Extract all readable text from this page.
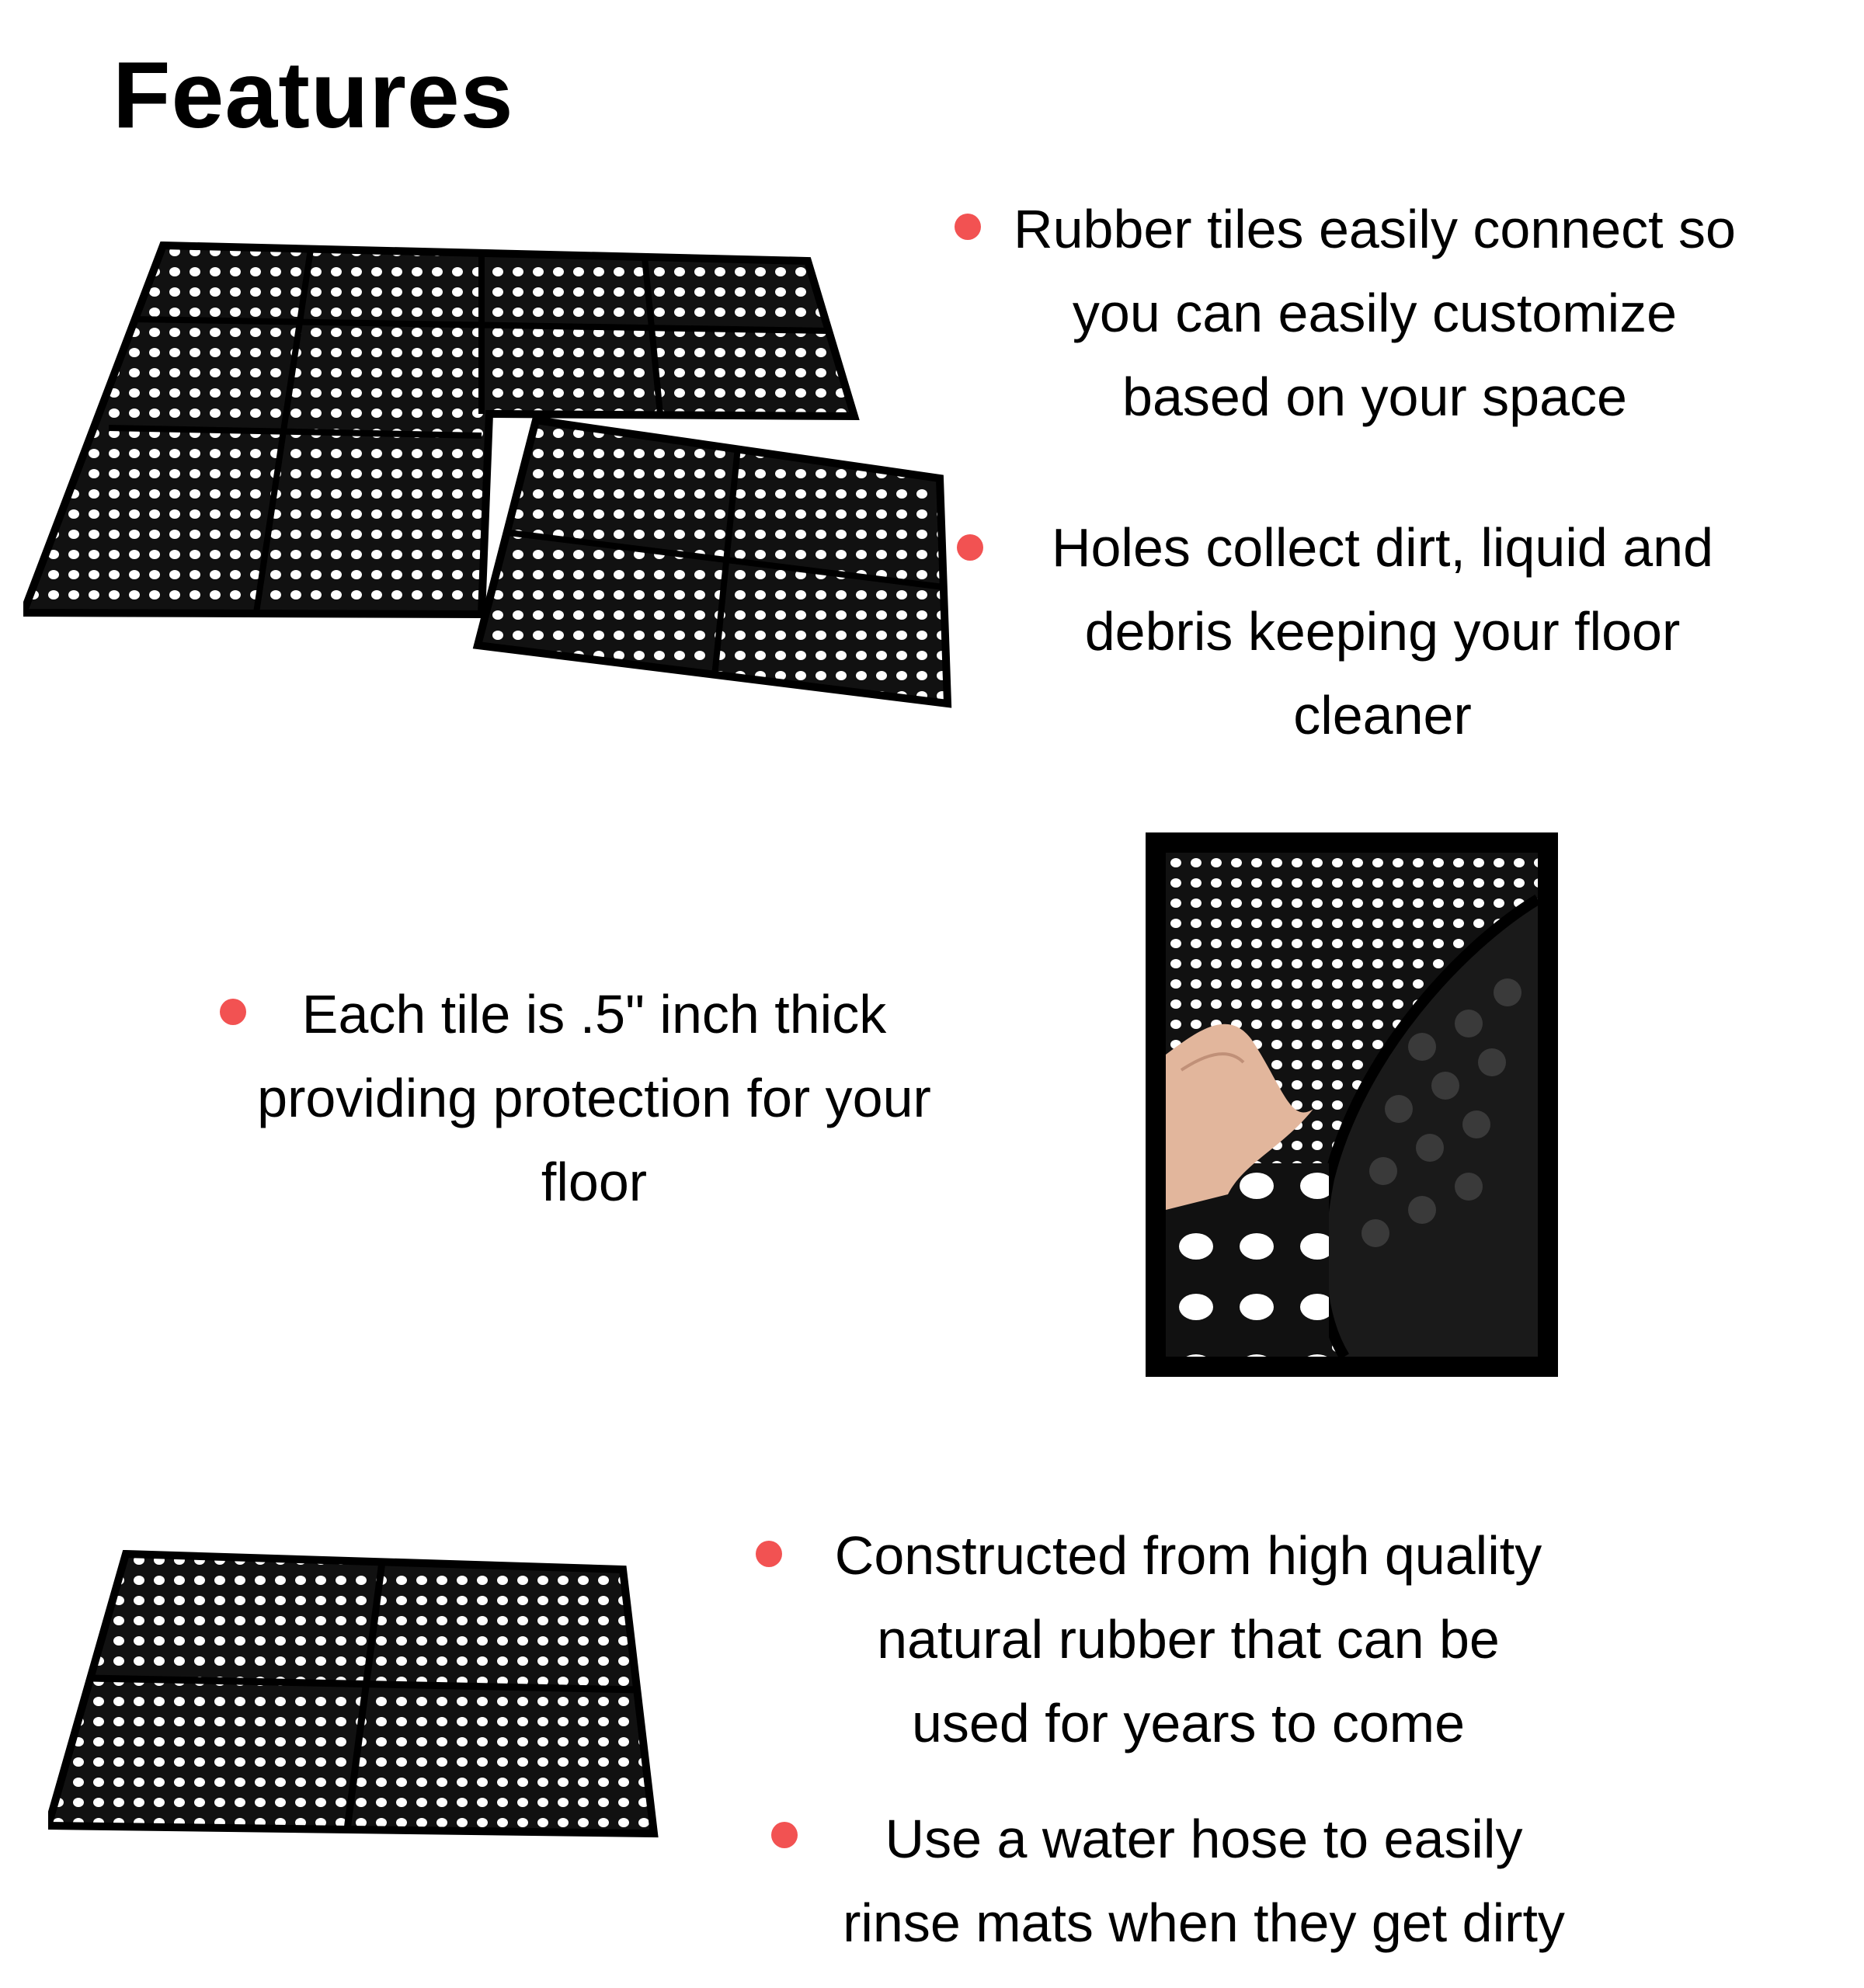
Features
Rubber tiles easily connect so
you can easily customize
based on your space
Holes collect dirt, liquid and
debris keeping your floor
cleaner
Each tile is .5" inch thick
providing protection for your
floor
Constructed from high quality
natural rubber that can be
used for years to come
Use a water hose to easily
rinse mats when they get dirty
